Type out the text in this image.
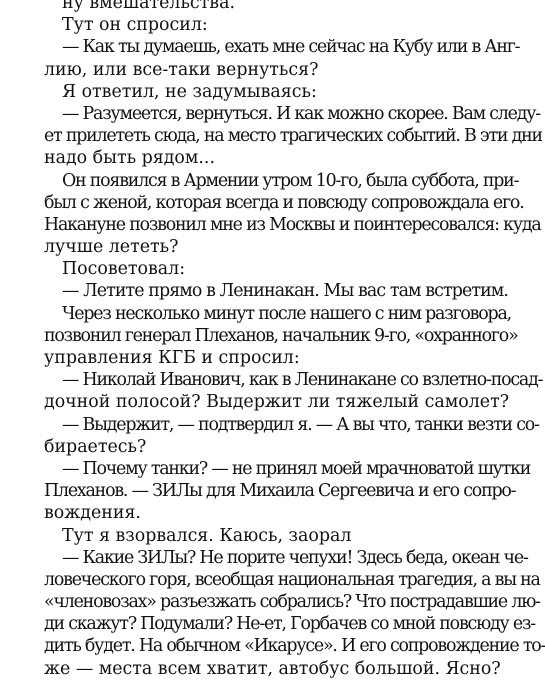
ну вмешательства.
Тут он спросил:
— Как ты думаешь, ехать мне сейчас на Кубу или в Анг-
лию, или все-таки вернуться?
Я ответил, не задумываясь:
— Разумеется, вернуться. И как можно скорее. Вам следу-
ет прилететь сюда, на место трагических событий. В эти дни
надо быть рядом...
Он появился в Армении утром 10-го, была суббота, при-
был с женой, которая всегда и повсюду сопровождала его.
Накануне позвонил мне из Москвы и поинтересовался: куда
лучше лететь?
Посоветовал:
— Летите прямо в Ленинакан. Мы вас там встретим.
Через несколько минут после нашего с ним разговора,
позвонил генерал Плеханов, начальник 9-го, «охранного»
управления КГБ и спросил:
— Николай Иванович, как в Ленинакане со взлетно-посад-
дочной полосой? Выдержит ли тяжелый самолет?
— Выдержит, — подтвердил я. — А вы что, танки везти со-
бираетесь?
— Почему танки? — не принял моей мрачноватой шутки
Плеханов. — ЗИЛы для Михаила Сергеевича и его сопро-
вождения.
Тут я взорвался. Каюсь, заорал
— Какие ЗИЛы? Не порите чепухи! Здесь беда, океан че-
ловеческого горя, всеобщая национальная трагедия, а вы на
«членовозах» разъезжать собрались? Что пострадавшие лю-
ди скажут? Подумали? Не-ет, Горбачев со мной повсюду ез-
дить будет. На обычном «Икарусе». И его сопровождение то-
же — места всем хватит, автобус большой. Ясно?
